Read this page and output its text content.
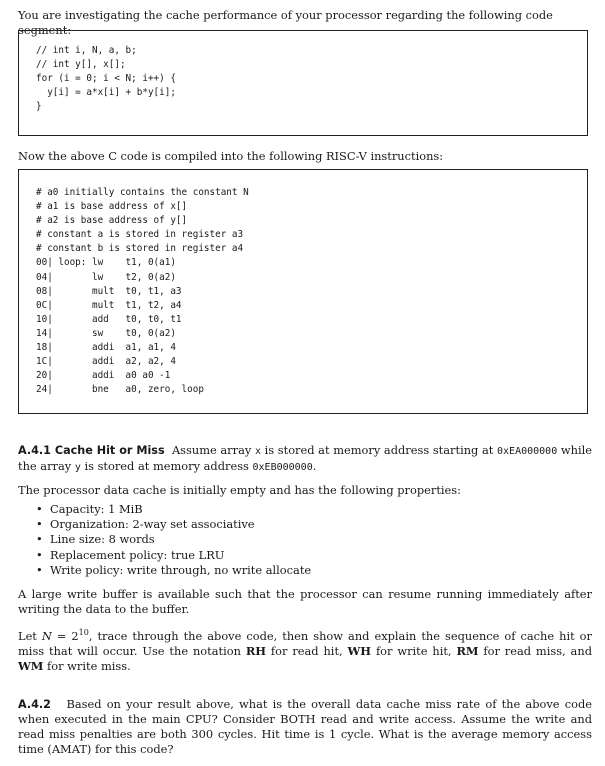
You are investigating the cache performance of your processor regarding the following code segment:

// int i, N, a, b;
// int y[], x[];
for (i = 0; i < N; i++) {
y[i] = a*x[i] + b*y[i];
}

Now the above C code is compiled into the following RISC-V instructions:

# a0 initially contains the constant N
# a1 is base address of x[]
# a2 is base address of y[]
# constant a is stored in register a3
# constant b is stored in register a4
00| loop: lw    t1, 0(a1)
04|       lw    t2, 0(a2)
08|       mult  t0, t1, a3
0C|       mult  t1, t2, a4
10|       add   t0, t0, t1
14|       sw    t0, 0(a2)
18|       addi  a1, a1, 4
1C|       addi  a2, a2, 4
20|       addi  a0 a0 -1
24|       bne   a0, zero, loop

A.4.1 Cache Hit or Miss Assume array x is stored at memory address starting at 0xEA000000 while the array y is stored at memory address 0xEB000000.

The processor data cache is initially empty and has the following properties:

• Capacity: 1 MiB
• Organization: 2-way set associative
• Line size: 8 words
• Replacement policy: true LRU
• Write policy: write through, no write allocate

A large write buffer is available such that the processor can resume running immediately after writing the data to the buffer.

Let $N = 2^{10}$, trace through the above code, then show and explain the sequence of cache hit or miss that will occur. Use the notation RH for read hit, WH for write hit, RM for read miss, and WM for write miss.

A.4.2 Based on your result above, what is the overall data cache miss rate of the above code when executed in the main CPU? Consider BOTH read and write access. Assume the write and read miss penalties are both 300 cycles. Hit time is 1 cycle. What is the average memory access time (AMAT) for this code?
